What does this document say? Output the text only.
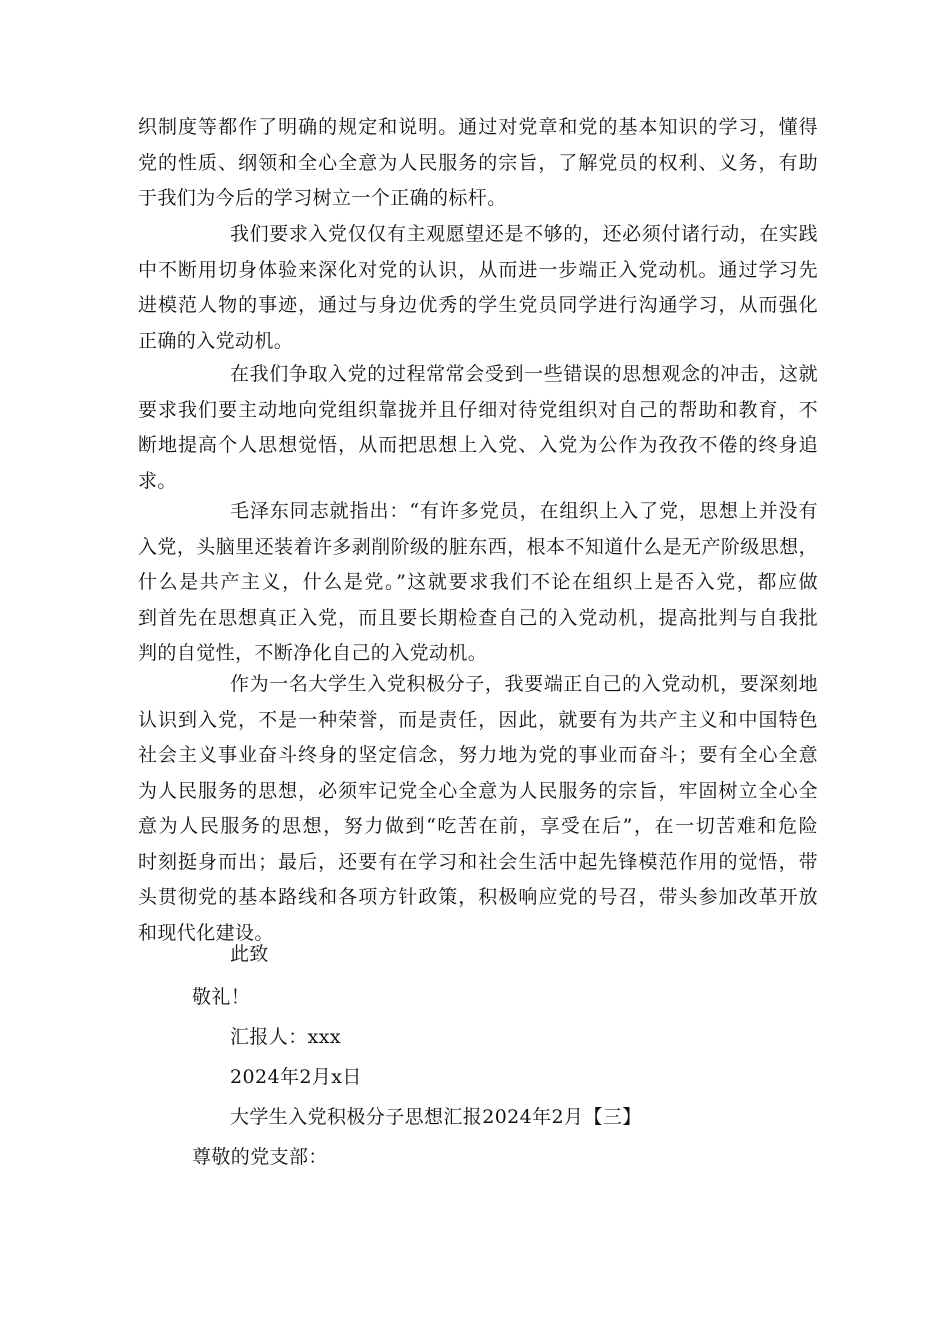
织制度等都作了明确的规定和说明。通过对党章和党的基本知识的学习，懂得
党的性质、纲领和全心全意为人民服务的宗旨，了解党员的权利、义务，有助
于我们为今后的学习树立一个正确的标杆。

我们要求入党仅仅有主观愿望还是不够的，还必须付诸行动，在实践
中不断用切身体验来深化对党的认识，从而进一步端正入党动机。通过学习先
进模范人物的事迹，通过与身边优秀的学生党员同学进行沟通学习，从而强化
正确的入党动机。

在我们争取入党的过程常常会受到一些错误的思想观念的冲击，这就
要求我们要主动地向党组织靠拢并且仔细对待党组织对自己的帮助和教育，不
断地提高个人思想觉悟，从而把思想上入党、入党为公作为孜孜不倦的终身追
求。

毛泽东同志就指出：“有许多党员，在组织上入了党，思想上并没有
入党，头脑里还装着许多剥削阶级的脏东西，根本不知道什么是无产阶级思想，
什么是共产主义，什么是党。”这就要求我们不论在组织上是否入党，都应做
到首先在思想真正入党，而且要长期检查自己的入党动机，提高批判与自我批
判的自觉性，不断净化自己的入党动机。

作为一名大学生入党积极分子，我要端正自己的入党动机，要深刻地
认识到入党，不是一种荣誉，而是责任，因此，就要有为共产主义和中国特色
社会主义事业奋斗终身的坚定信念，努力地为党的事业而奋斗；要有全心全意
为人民服务的思想，必须牢记党全心全意为人民服务的宗旨，牢固树立全心全
意为人民服务的思想，努力做到“吃苦在前，享受在后”，在一切苦难和危险
时刻挺身而出；最后，还要有在学习和社会生活中起先锋模范作用的觉悟，带
头贯彻党的基本路线和各项方针政策，积极响应党的号召，带头参加改革开放
和现代化建设。

此致

敬礼！

汇报人：xxx

2024年2月x日

大学生入党积极分子思想汇报2024年2月【三】

尊敬的党支部：
